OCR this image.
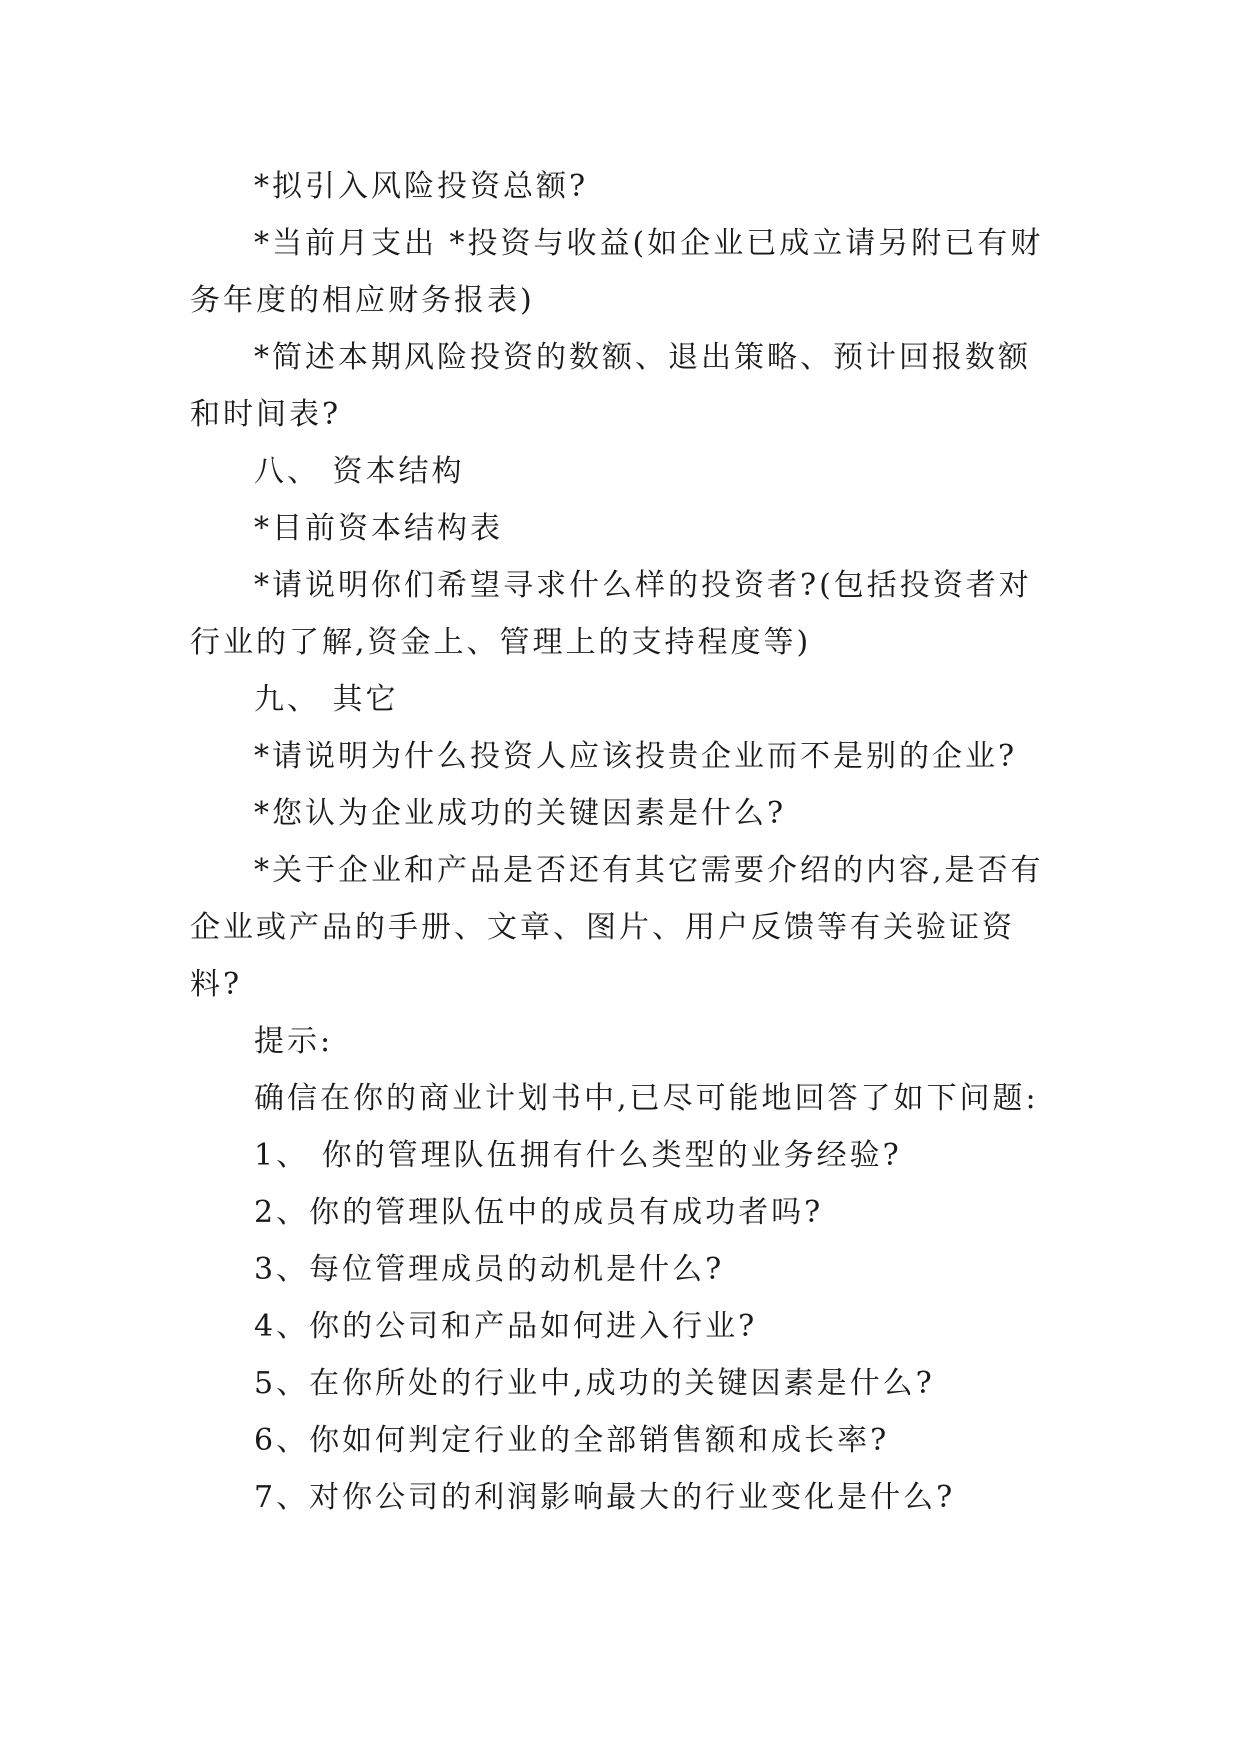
*拟引入风险投资总额?

*当前月支出 *投资与收益(如企业已成立请另附已有财务年度的相应财务报表)

*简述本期风险投资的数额、退出策略、预计回报数额和时间表?

八、 资本结构

*目前资本结构表

*请说明你们希望寻求什么样的投资者?(包括投资者对行业的了解,资金上、管理上的支持程度等)

九、 其它

*请说明为什么投资人应该投贵企业而不是别的企业?

*您认为企业成功的关键因素是什么?

*关于企业和产品是否还有其它需要介绍的内容,是否有企业或产品的手册、文章、图片、用户反馈等有关验证资料?

提示:

确信在你的商业计划书中,已尽可能地回答了如下问题:

1、 你的管理队伍拥有什么类型的业务经验?

2、你的管理队伍中的成员有成功者吗?

3、每位管理成员的动机是什么?

4、你的公司和产品如何进入行业?

5、在你所处的行业中,成功的关键因素是什么?

6、你如何判定行业的全部销售额和成长率?

7、对你公司的利润影响最大的行业变化是什么?
